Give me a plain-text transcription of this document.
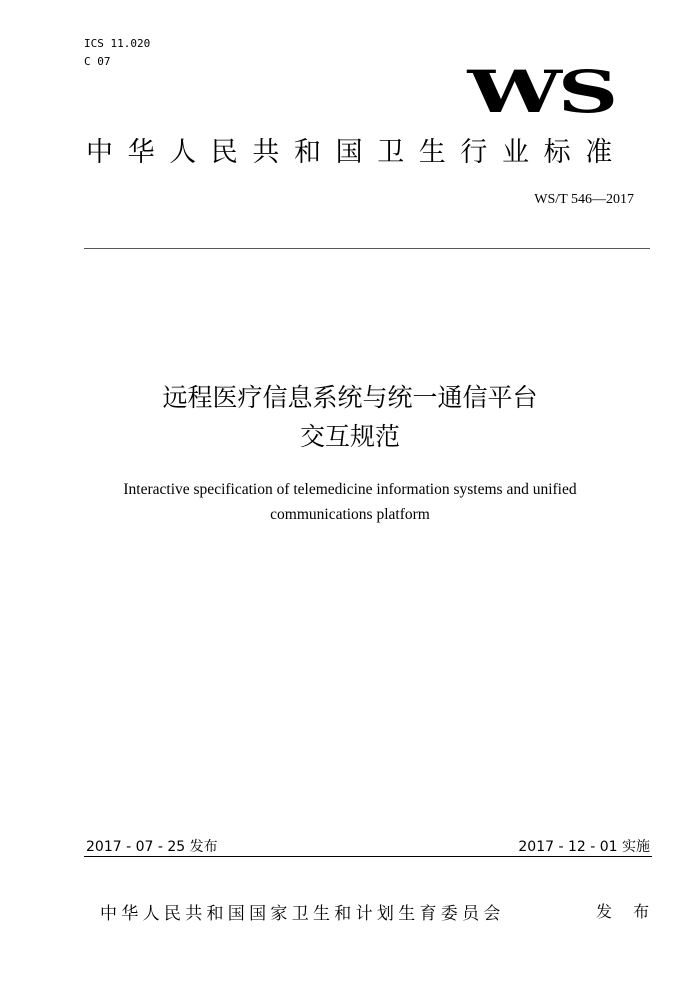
ICS 11.020
C 07	WS
中华人民共和国卫生行业标准
WS/T 546—2017
远程医疗信息系统与统一通信平台
交互规范
Interactive specification of telemedicine information systems and unified
communications platform
2017 - 07 - 25 发布	2017 - 12 - 01 实施
中华人民共和国国家卫生和计划生育委员会	发 布
